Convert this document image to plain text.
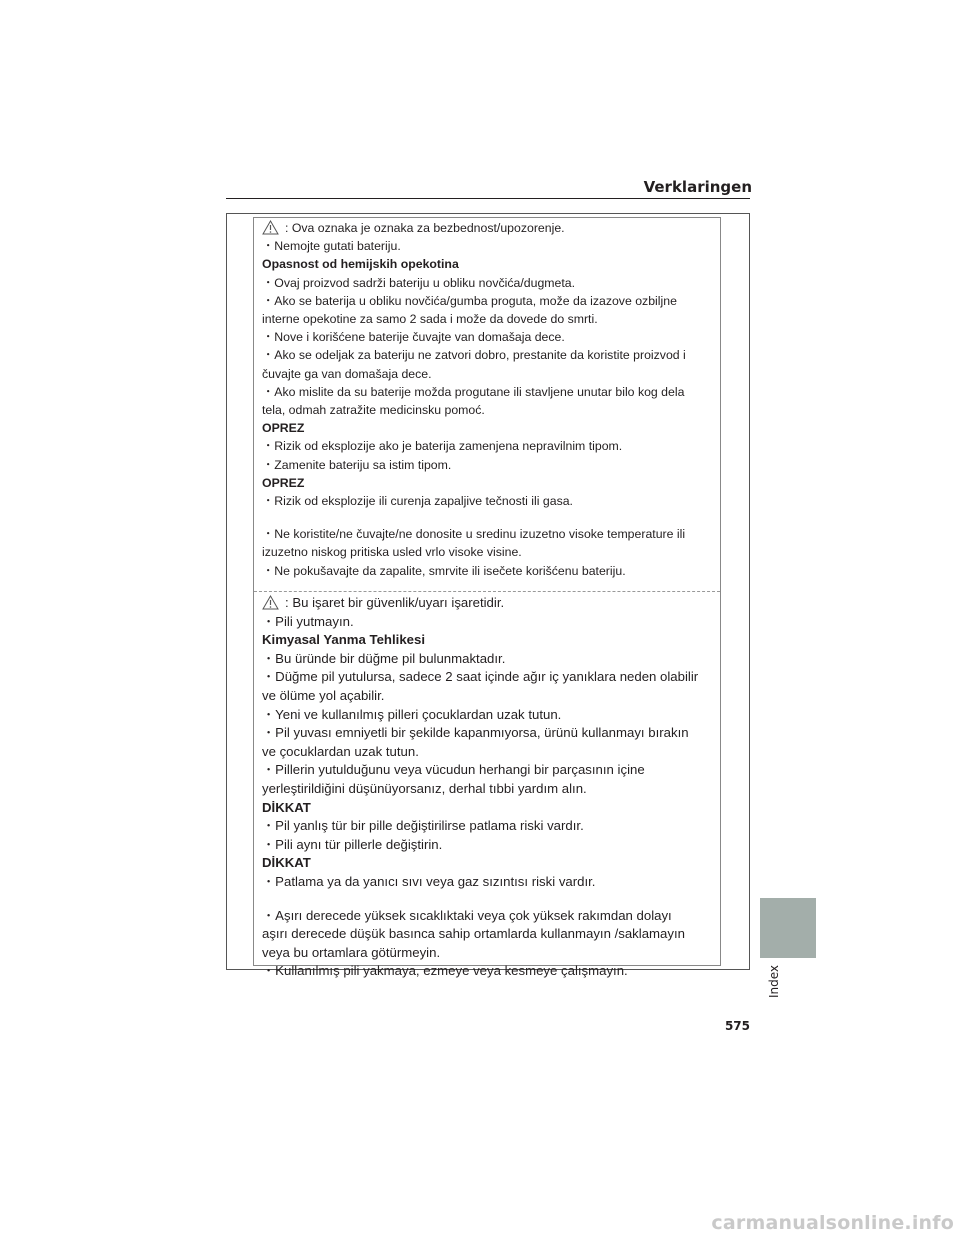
Verklaringen
: Ova oznaka je oznaka za bezbednost/upozorenje.
・Nemojte gutati bateriju.
Opasnost od hemijskih opekotina
・Ovaj proizvod sadrži bateriju u obliku novčića/dugmeta.
・Ako se baterija u obliku novčića/gumba proguta, može da izazove ozbiljne
interne opekotine za samo 2 sada i može da dovede do smrti.
・Nove i korišćene baterije čuvajte van domašaja dece.
・Ako se odeljak za bateriju ne zatvori dobro, prestanite da koristite proizvod i
čuvajte ga van domašaja dece.
・Ako mislite da su baterije možda progutane ili stavljene unutar bilo kog dela
tela, odmah zatražite medicinsku pomoć.
OPREZ
・Rizik od eksplozije ako je baterija zamenjena nepravilnim tipom.
・Zamenite bateriju sa istim tipom.
OPREZ
・Rizik od eksplozije ili curenja zapaljive tečnosti ili gasa.
・Ne koristite/ne čuvajte/ne donosite u sredinu izuzetno visoke temperature ili
izuzetno niskog pritiska usled vrlo visoke visine.
・Ne pokušavajte da zapalite, smrvite ili isečete korišćenu bateriju.
: Bu işaret bir güvenlik/uyarı işaretidir.
・Pili yutmayın.
Kimyasal Yanma Tehlikesi
・Bu üründe bir düğme pil bulunmaktadır.
・Düğme pil yutulursa, sadece 2 saat içinde ağır iç yanıklara neden olabilir
ve ölüme yol açabilir.
・Yeni ve kullanılmış pilleri çocuklardan uzak tutun.
・Pil yuvası emniyetli bir şekilde kapanmıyorsa, ürünü kullanmayı bırakın
ve çocuklardan uzak tutun.
・Pillerin yutulduğunu veya vücudun herhangi bir parçasının içine
yerleştirildiğini düşünüyorsanız, derhal tıbbi yardım alın.
DİKKAT
・Pil yanlış tür bir pille değiştirilirse patlama riski vardır.
・Pili aynı tür pillerle değiştirin.
DİKKAT
・Patlama ya da yanıcı sıvı veya gaz sızıntısı riski vardır.
・Aşırı derecede yüksek sıcaklıktaki veya çok yüksek rakımdan dolayı
aşırı derecede düşük basınca sahip ortamlarda kullanmayın /saklamayın
veya bu ortamlara götürmeyin.
・Kullanılmış pili yakmaya, ezmeye veya kesmeye çalışmayın.	Index
575
carmanualsonline.info
